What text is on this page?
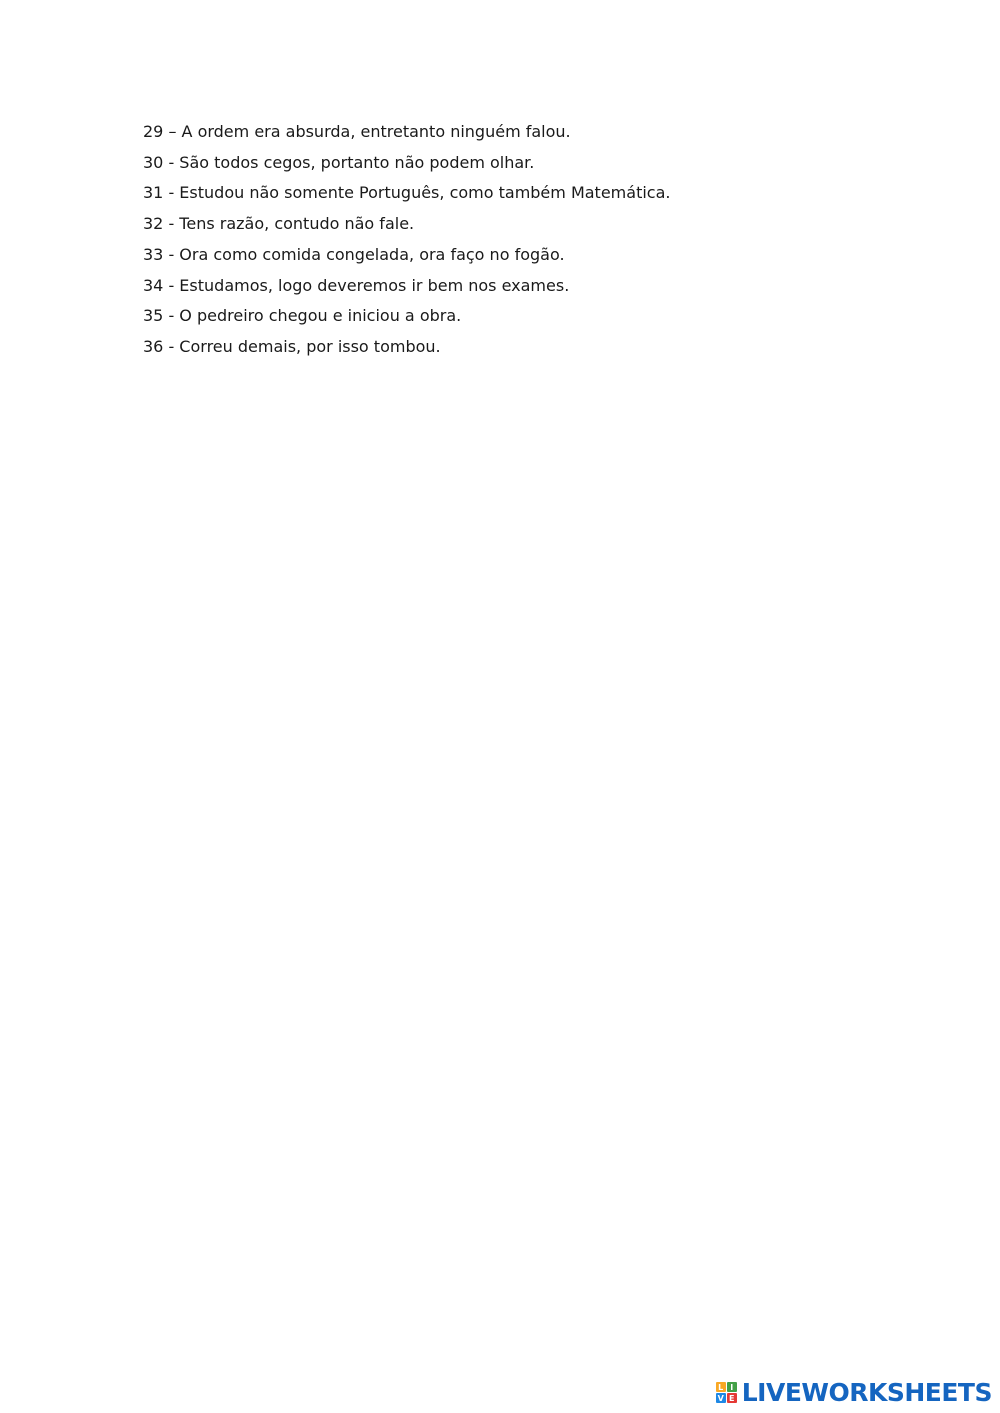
29 – A ordem era absurda, entretanto ninguém falou.
30 - São todos cegos, portanto não podem olhar.
31 - Estudou não somente Português, como também Matemática.
32 - Tens razão, contudo não fale.
33 - Ora como comida congelada, ora faço no fogão.
34 - Estudamos, logo deveremos ir bem nos exames.
35 - O pedreiro chegou e iniciou a obra.
36 - Correu demais, por isso tombou.
L I
V E LIVEWORKSHEETS
